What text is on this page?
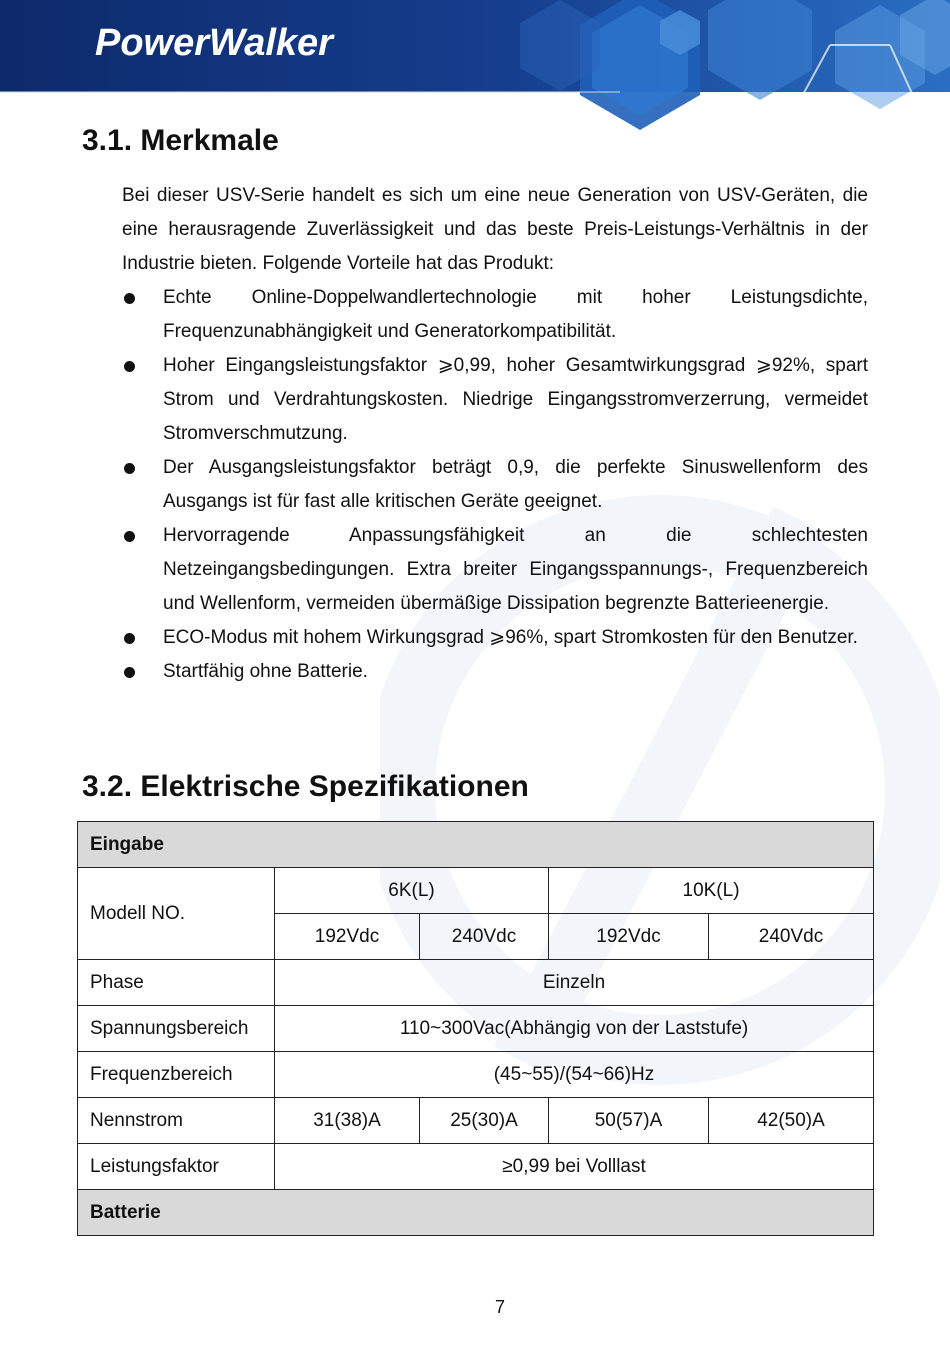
PowerWalker
3.1. Merkmale

Bei dieser USV-Serie handelt es sich um eine neue Generation von USV-Geräten, die eine herausragende Zuverlässigkeit und das beste Preis-Leistungs-Verhältnis in der Industrie bieten. Folgende Vorteile hat das Produkt:

Echte Online-Doppelwandlertechnologie mit hoher Leistungsdichte, Frequenzunabhängigkeit und Generatorkompatibilität.
Hoher Eingangsleistungsfaktor ⩾0,99, hoher Gesamtwirkungsgrad ⩾92%, spart Strom und Verdrahtungskosten. Niedrige Eingangsstromverzerrung, vermeidet Stromverschmutzung.
Der Ausgangsleistungsfaktor beträgt 0,9, die perfekte Sinuswellenform des Ausgangs ist für fast alle kritischen Geräte geeignet.
Hervorragende Anpassungsfähigkeit an die schlechtesten Netzeingangsbedingungen. Extra breiter Eingangsspannungs-, Frequenzbereich und Wellenform, vermeiden übermäßige Dissipation begrenzte Batterieenergie.
ECO-Modus mit hohem Wirkungsgrad ⩾96%, spart Stromkosten für den Benutzer.
Startfähig ohne Batterie.
3.2. Elektrische Spezifikationen
Eingabe				
Modell NO.	6K(L)		10K(L)	
	192Vdc	240Vdc	192Vdc	240Vdc
Phase	Einzeln			
Spannungsbereich	110~300Vac(Abhängig von der Laststufe)			
Frequenzbereich	(45~55)/(54~66)Hz			
Nennstrom	31(38)A	25(30)A	50(57)A	42(50)A
Leistungsfaktor	≥0,99 bei Volllast			
Batterie				
7
